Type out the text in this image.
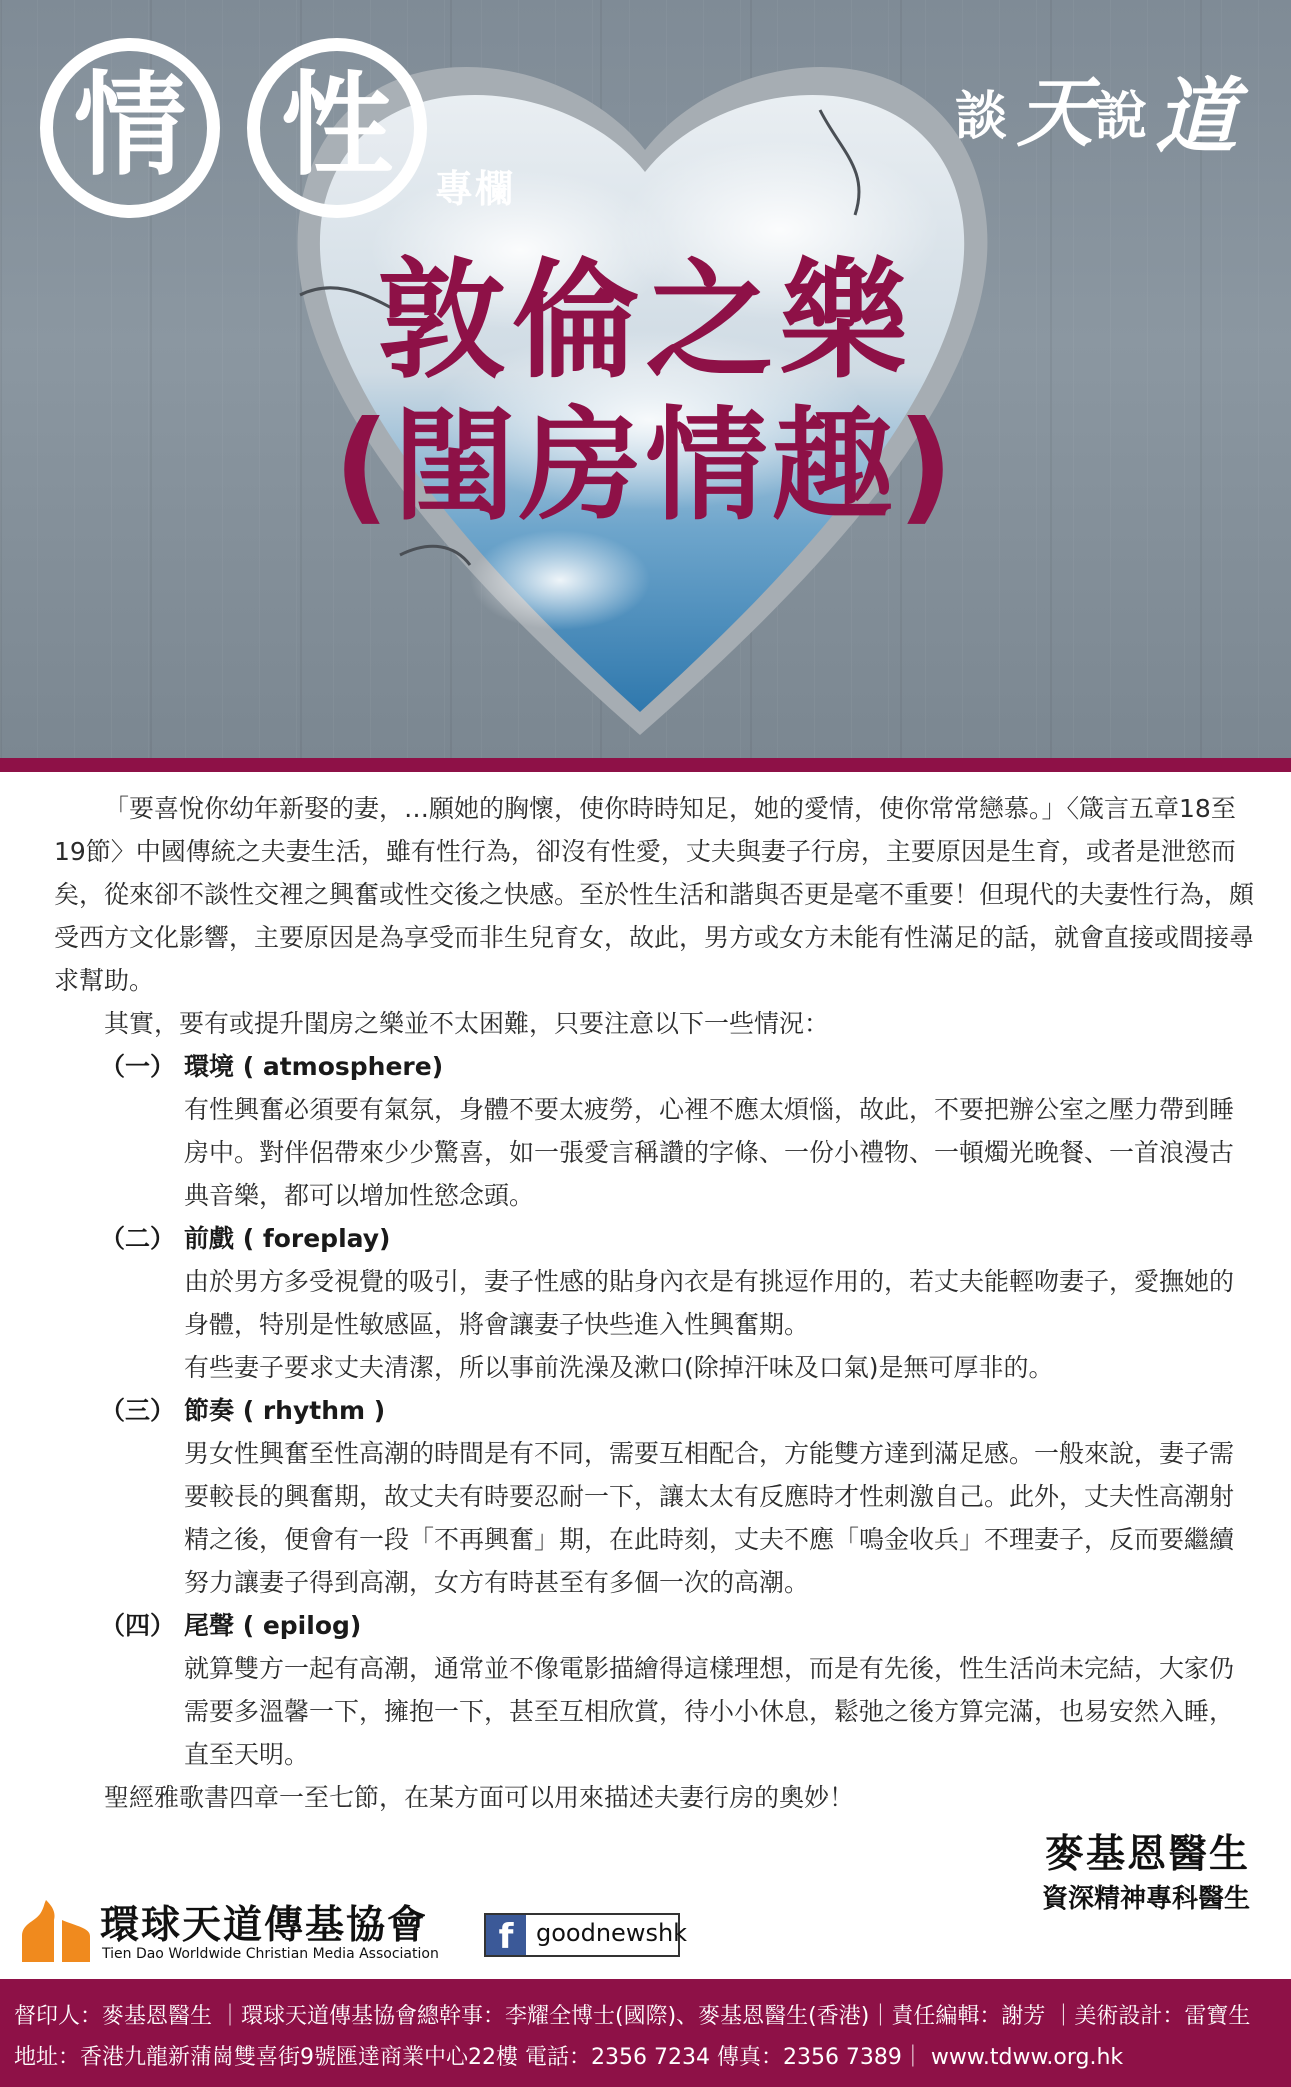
情 性	專欄
談 天 說 道
敦倫之樂
(閨房情趣)

「要喜悅你幼年新娶的妻，…願她的胸懷，使你時時知足，她的愛情，使你常常戀慕。」〈箴言五章18至19節〉中國傳統之夫妻生活，雖有性行為，卻沒有性愛，丈夫與妻子行房，主要原因是生育，或者是泄慾而矣，從來卻不談性交裡之興奮或性交後之快感。至於性生活和諧與否更是毫不重要！但現代的夫妻性行為，頗受西方文化影響，主要原因是為享受而非生兒育女，故此，男方或女方未能有性滿足的話，就會直接或間接尋求幫助。

其實，要有或提升閨房之樂並不太困難，只要注意以下一些情況：

（一） 環境 ( atmosphere)

有性興奮必須要有氣氛，身體不要太疲勞，心裡不應太煩惱，故此，不要把辦公室之壓力帶到睡房中。對伴侶帶來少少驚喜，如一張愛言稱讚的字條、一份小禮物、一頓燭光晚餐、一首浪漫古典音樂，都可以增加性慾念頭。

（二） 前戲 ( foreplay)

由於男方多受視覺的吸引，妻子性感的貼身內衣是有挑逗作用的，若丈夫能輕吻妻子，愛撫她的身體，特別是性敏感區，將會讓妻子快些進入性興奮期。

有些妻子要求丈夫清潔，所以事前洗澡及漱口(除掉汗味及口氣)是無可厚非的。

（三） 節奏 ( rhythm )

男女性興奮至性高潮的時間是有不同，需要互相配合，方能雙方達到滿足感。一般來說，妻子需要較長的興奮期，故丈夫有時要忍耐一下，讓太太有反應時才性刺激自己。此外，丈夫性高潮射精之後，便會有一段「不再興奮」期，在此時刻，丈夫不應「鳴金收兵」不理妻子，反而要繼續努力讓妻子得到高潮，女方有時甚至有多個一次的高潮。

（四） 尾聲 ( epilog)

就算雙方一起有高潮，通常並不像電影描繪得這樣理想，而是有先後，性生活尚未完結，大家仍需要多溫馨一下，擁抱一下，甚至互相欣賞，待小小休息，鬆弛之後方算完滿，也易安然入睡，直至天明。

聖經雅歌書四章一至七節，在某方面可以用來描述夫妻行房的奧妙！

麥基恩醫生
資深精神專科醫生
環球天道傳基協會
Tien Dao Worldwide Christian Media Association	f goodnewshk
督印人：麥基恩醫生 ｜環球天道傳基協會總幹事：李耀全博士(國際)、麥基恩醫生(香港)｜責任編輯：謝芳 ｜美術設計：雷寶生
地址：香港九龍新蒲崗雙喜街9號匯達商業中心22樓 電話：2356 7234 傳真：2356 7389｜ www.tdww.org.hk
